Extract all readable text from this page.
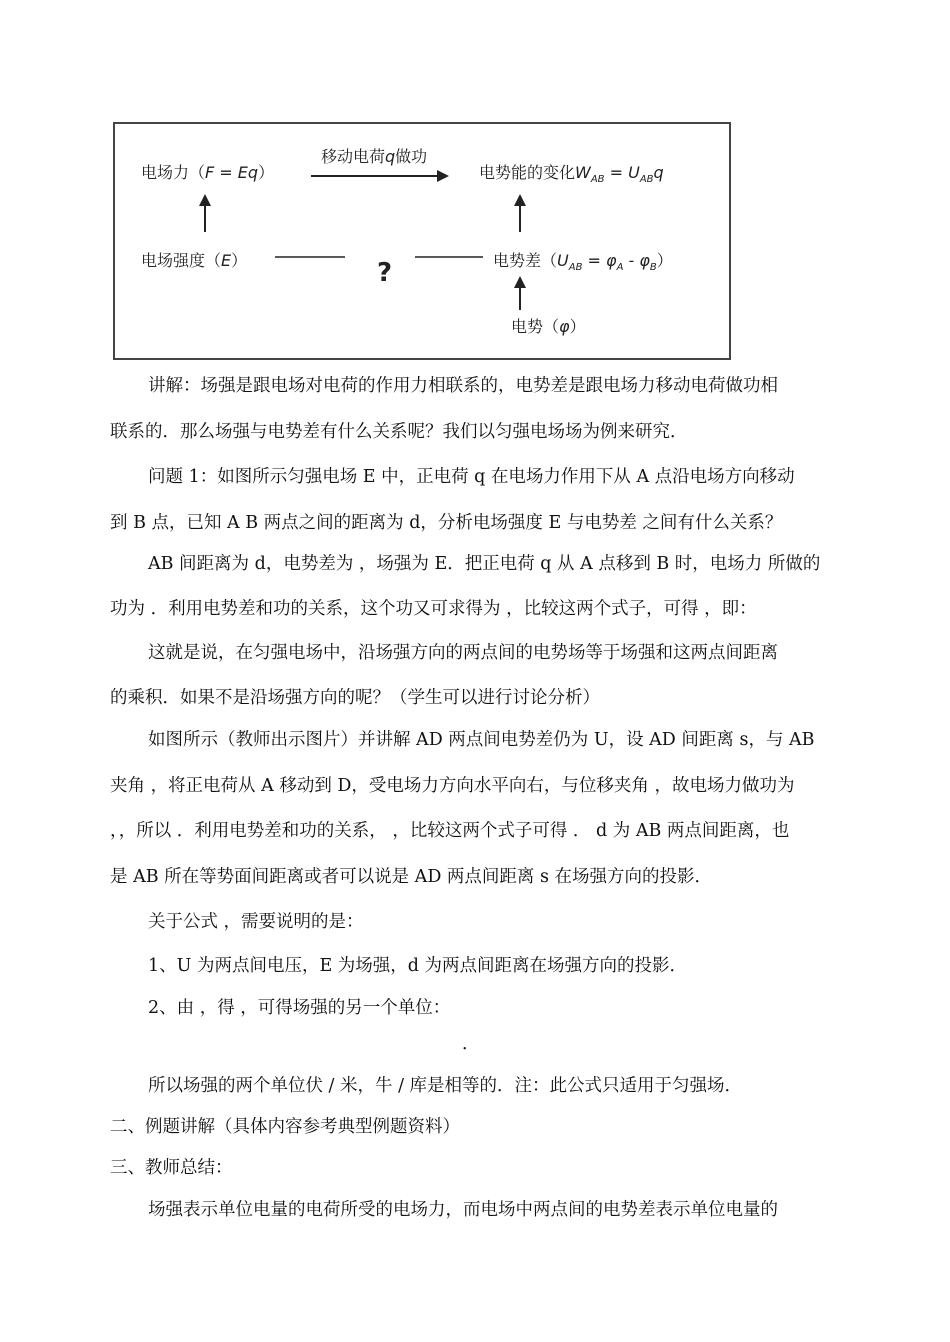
电场力（F = Eq）
移动电荷q做功
电势能的变化$W_{AB} = U_{AB}q$
电场强度（E）	?	电势差$(U_{AB} = \varphi_A - \varphi_B)$
电势（φ）
讲解：场强是跟电场对电荷的作用力相联系的，电势差是跟电场力移动电荷做功相
联系的．那么场强与电势差有什么关系呢？我们以匀强电场场为例来研究．
问题 1：如图所示匀强电场 E 中，正电荷 q 在电场力作用下从 A 点沿电场方向移动
到 B 点，已知 A B 两点之间的距离为 d，分析电场强度 E 与电势差 之间有什么关系？
AB 间距离为 d，电势差为 ，场强为 E．把正电荷 q 从 A 点移到 B 时，电场力 所做的
功为 ．利用电势差和功的关系，这个功又可求得为 ，比较这两个式子，可得 ，即：
这就是说，在匀强电场中，沿场强方向的两点间的电势场等于场强和这两点间距离
的乘积．如果不是沿场强方向的呢？（学生可以进行讨论分析）
如图所示（教师出示图片）并讲解 AD 两点间电势差仍为 U，设 AD 间距离 s，与 AB
夹角 ，将正电荷从 A 移动到 D，受电场力方向水平向右，与位移夹角 ，故电场力做功为
，，所以 ．利用电势差和功的关系， ，比较这两个式子可得 ． d 为 AB 两点间距离，也
是 AB 所在等势面间距离或者可以说是 AD 两点间距离 s 在场强方向的投影．
关于公式 ，需要说明的是：
1、U 为两点间电压，E 为场强，d 为两点间距离在场强方向的投影．
2、由 ，得 ，可得场强的另一个单位：
．
所以场强的两个单位伏 / 米，牛 / 库是相等的．注：此公式只适用于匀强场．
二、例题讲解（具体内容参考典型例题资料）
三、教师总结：
场强表示单位电量的电荷所受的电场力，而电场中两点间的电势差表示单位电量的
